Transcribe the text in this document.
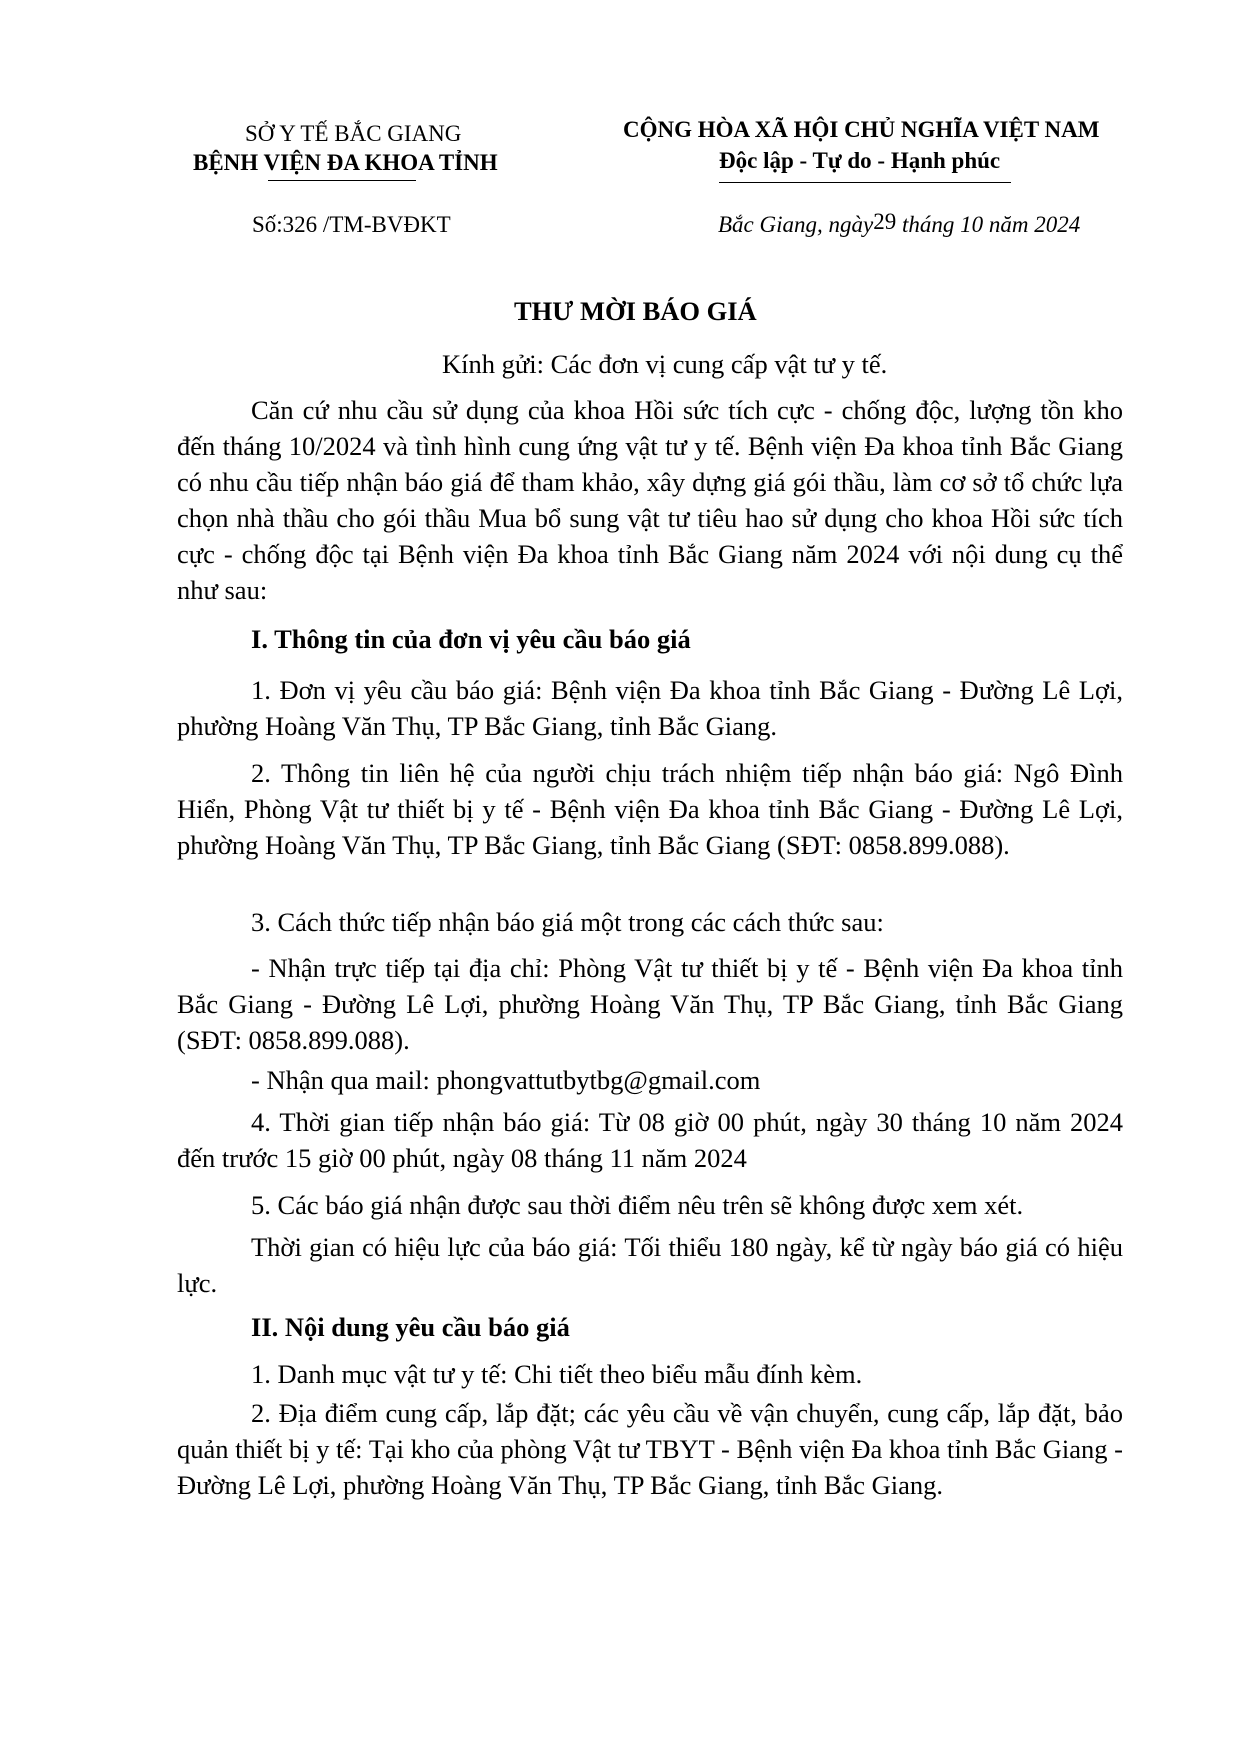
SỞ Y TẾ BẮC GIANG
BỆNH VIỆN ĐA KHOA TỈNH
CỘNG HÒA XÃ HỘI CHỦ NGHĨA VIỆT NAM
Độc lập - Tự do - Hạnh phúc
Số:326 /TM-BVĐKT	Bắc Giang, ngày29 tháng 10 năm 2024
THƯ MỜI BÁO GIÁ
Kính gửi: Các đơn vị cung cấp vật tư y tế.
Căn cứ nhu cầu sử dụng của khoa Hồi sức tích cực - chống độc, lượng tồn kho đến tháng 10/2024 và tình hình cung ứng vật tư y tế. Bệnh viện Đa khoa tỉnh Bắc Giang có nhu cầu tiếp nhận báo giá để tham khảo, xây dựng giá gói thầu, làm cơ sở tổ chức lựa chọn nhà thầu cho gói thầu Mua bổ sung vật tư tiêu hao sử dụng cho khoa Hồi sức tích cực - chống độc tại Bệnh viện Đa khoa tỉnh Bắc Giang năm 2024 với nội dung cụ thể như sau:
I. Thông tin của đơn vị yêu cầu báo giá
1. Đơn vị yêu cầu báo giá: Bệnh viện Đa khoa tỉnh Bắc Giang - Đường Lê Lợi, phường Hoàng Văn Thụ, TP Bắc Giang, tỉnh Bắc Giang.
2. Thông tin liên hệ của người chịu trách nhiệm tiếp nhận báo giá: Ngô Đình Hiển, Phòng Vật tư thiết bị y tế - Bệnh viện Đa khoa tỉnh Bắc Giang - Đường Lê Lợi, phường Hoàng Văn Thụ, TP Bắc Giang, tỉnh Bắc Giang (SĐT: 0858.899.088).
3. Cách thức tiếp nhận báo giá một trong các cách thức sau:
- Nhận trực tiếp tại địa chỉ: Phòng Vật tư thiết bị y tế - Bệnh viện Đa khoa tỉnh Bắc Giang - Đường Lê Lợi, phường Hoàng Văn Thụ, TP Bắc Giang, tỉnh Bắc Giang (SĐT: 0858.899.088).
- Nhận qua mail: phongvattutbytbg@gmail.com
4. Thời gian tiếp nhận báo giá: Từ 08 giờ 00 phút, ngày 30 tháng 10 năm 2024 đến trước 15 giờ 00 phút, ngày 08 tháng 11 năm 2024
5. Các báo giá nhận được sau thời điểm nêu trên sẽ không được xem xét.
Thời gian có hiệu lực của báo giá: Tối thiểu 180 ngày, kể từ ngày báo giá có hiệu lực.
II. Nội dung yêu cầu báo giá
1. Danh mục vật tư y tế: Chi tiết theo biểu mẫu đính kèm.
2. Địa điểm cung cấp, lắp đặt; các yêu cầu về vận chuyển, cung cấp, lắp đặt, bảo quản thiết bị y tế: Tại kho của phòng Vật tư TBYT - Bệnh viện Đa khoa tỉnh Bắc Giang - Đường Lê Lợi, phường Hoàng Văn Thụ, TP Bắc Giang, tỉnh Bắc Giang.
